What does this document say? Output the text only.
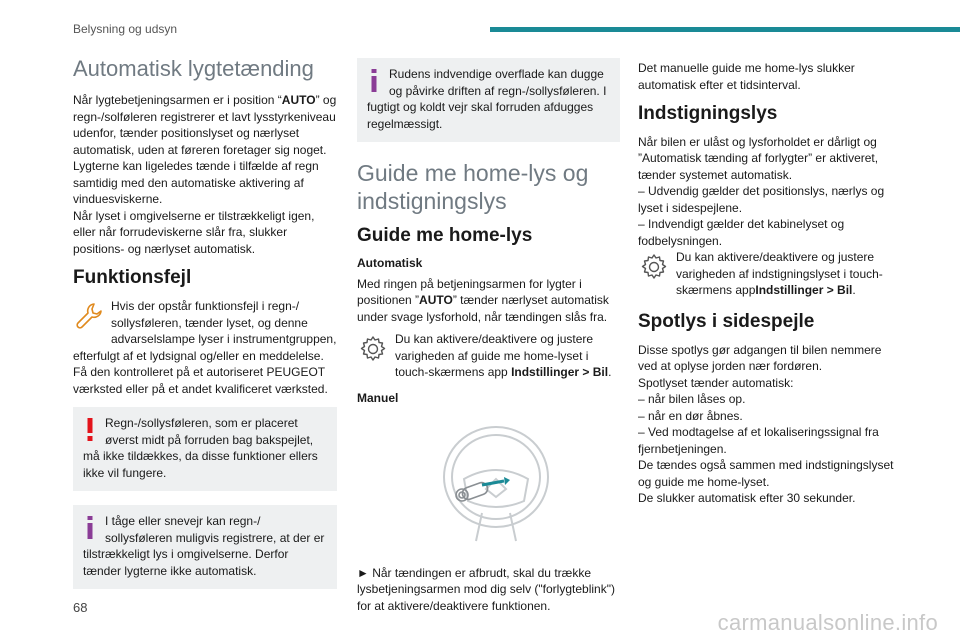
Belysning og udsyn
Automatisk lygtetænding

Når lygtebetjeningsarmen er i position “AUTO” og regn-/solføleren registrerer et lavt lysstyrkeniveau udenfor, tænder positionslyset og nærlyset automatisk, uden at føreren foretager sig noget. Lygterne kan ligeledes tænde i tilfælde af regn samtidig med den automatiske aktivering af vinduesviskerne.

Når lyset i omgivelserne er tilstrækkeligt igen, eller når forrudeviskerne slår fra, slukker positions- og nærlyset automatisk.

Funktionsfejl

Hvis der opstår funktionsfejl i regn-/ sollysføleren, tænder lyset, og denne advarselslampe lyser i instrumentgruppen, efterfulgt af et lydsignal og/eller en meddelelse. Få den kontrolleret på et autoriseret PEUGEOT værksted eller på et andet kvalificeret værksted.

Regn-/sollysføleren, som er placeret øverst midt på forruden bag bakspejlet, må ikke tildækkes, da disse funktioner ellers ikke vil fungere.

I tåge eller snevejr kan regn-/ sollysføleren muligvis registrere, at der er tilstrækkeligt lys i omgivelserne. Derfor tænder lygterne ikke automatisk.

Rudens indvendige overflade kan dugge og påvirke driften af regn-/sollysføleren. I fugtigt og koldt vejr skal forruden afdugges regelmæssigt.

Guide me home-lys og indstigningslys
Guide me home-lys
Automatisk

Med ringen på betjeningsarmen for lygter i positionen ”AUTO” tænder nærlyset automatisk under svage lysforhold, når tændingen slås fra.

Du kan aktivere/deaktivere og justere varigheden af guide me home-lyset i touch-skærmens app Indstillinger > Bil.

Manuel

► Når tændingen er afbrudt, skal du trække lysbetjeningsarmen mod dig selv ("forlygteblink") for at aktivere/deaktivere funktionen.

Det manuelle guide me home-lys slukker automatisk efter et tidsinterval.

Indstigningslys

Når bilen er ulåst og lysforholdet er dårligt og ”Automatisk tænding af forlygter” er aktiveret, tænder systemet automatisk.

– Udvendig gælder det positionslys, nærlys og lyset i sidespejlene.

– Indvendigt gælder det kabinelyset og fodbelysningen.

Du kan aktivere/deaktivere og justere varigheden af indstigningslyset i touch-skærmens appIndstillinger > Bil.

Spotlys i sidespejle

Disse spotlys gør adgangen til bilen nemmere ved at oplyse jorden nær fordøren.

Spotlyset tænder automatisk:

– når bilen låses op.

– når en dør åbnes.

– Ved modtagelse af et lokaliseringssignal fra fjernbetjeningen.

De tændes også sammen med indstigningslyset og guide me home-lyset.

De slukker automatisk efter 30 sekunder.

68
carmanualsonline.info
